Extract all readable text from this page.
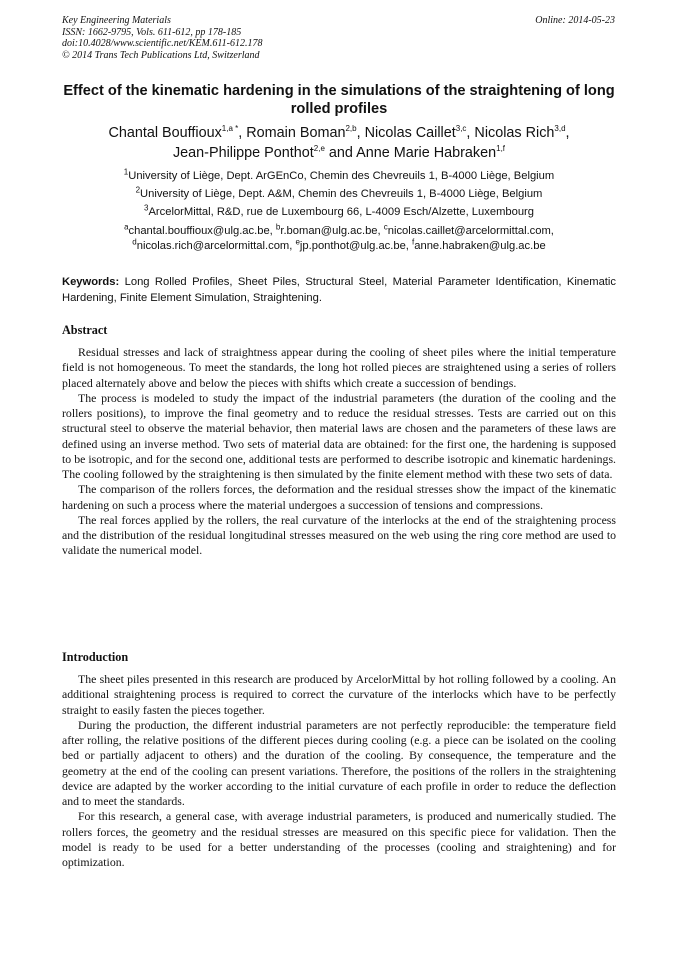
Key Engineering Materials
ISSN: 1662-9795, Vols. 611-612, pp 178-185
doi:10.4028/www.scientific.net/KEM.611-612.178
© 2014 Trans Tech Publications Ltd, Switzerland
Online: 2014-05-23
Effect of the kinematic hardening in the simulations of the straightening of long rolled profiles
Chantal Bouffioux$^{1,a *}$, Romain Boman$^{2,b}$, Nicolas Caillet$^{3,c}$, Nicolas Rich$^{3,d}$,
Jean-Philippe Ponthot$^{2,e}$ and Anne Marie Habraken$^{1,f}$
$^1$University of Liège, Dept. ArGEnCo, Chemin des Chevreuils 1, B-4000 Liège, Belgium
$^2$University of Liège, Dept. A&M, Chemin des Chevreuils 1, B-4000 Liège, Belgium
$^3$ArcelorMittal, R&D, rue de Luxembourg 66, L-4009 Esch/Alzette, Luxembourg
$^a$chantal.bouffioux@ulg.ac.be, $^b$r.boman@ulg.ac.be, $^c$nicolas.caillet@arcelormittal.com,
$^d$nicolas.rich@arcelormittal.com, $^e$jp.ponthot@ulg.ac.be, $^f$anne.habraken@ulg.ac.be
Keywords: Long Rolled Profiles, Sheet Piles, Structural Steel, Material Parameter Identification, Kinematic Hardening, Finite Element Simulation, Straightening.
Abstract

Residual stresses and lack of straightness appear during the cooling of sheet piles where the initial temperature field is not homogeneous. To meet the standards, the long hot rolled pieces are straightened using a series of rollers placed alternately above and below the pieces with shifts which create a succession of bendings.

The process is modeled to study the impact of the industrial parameters (the duration of the cooling and the rollers positions), to improve the final geometry and to reduce the residual stresses. Tests are carried out on this structural steel to observe the material behavior, then material laws are chosen and the parameters of these laws are defined using an inverse method. Two sets of material data are obtained: for the first one, the hardening is supposed to be isotropic, and for the second one, additional tests are performed to describe isotropic and kinematic hardenings. The cooling followed by the straightening is then simulated by the finite element method with these two sets of data.

The comparison of the rollers forces, the deformation and the residual stresses show the impact of the kinematic hardening on such a process where the material undergoes a succession of tensions and compressions.

The real forces applied by the rollers, the real curvature of the interlocks at the end of the straightening process and the distribution of the residual longitudinal stresses measured on the web using the ring core method are used to validate the numerical model.

Introduction

The sheet piles presented in this research are produced by ArcelorMittal by hot rolling followed by a cooling. An additional straightening process is required to correct the curvature of the interlocks which have to be perfectly straight to easily fasten the pieces together.

During the production, the different industrial parameters are not perfectly reproducible: the temperature field after rolling, the relative positions of the different pieces during cooling (e.g. a piece can be isolated on the cooling bed or partially adjacent to others) and the duration of the cooling. By consequence, the temperature and the geometry at the end of the cooling can present variations. Therefore, the positions of the rollers in the straightening device are adapted by the worker according to the initial curvature of each profile in order to reduce the deflection and to meet the standards.

For this research, a general case, with average industrial parameters, is produced and numerically studied. The rollers forces, the geometry and the residual stresses are measured on this specific piece for validation. Then the model is ready to be used for a better understanding of the processes (cooling and straightening) and for optimization.
